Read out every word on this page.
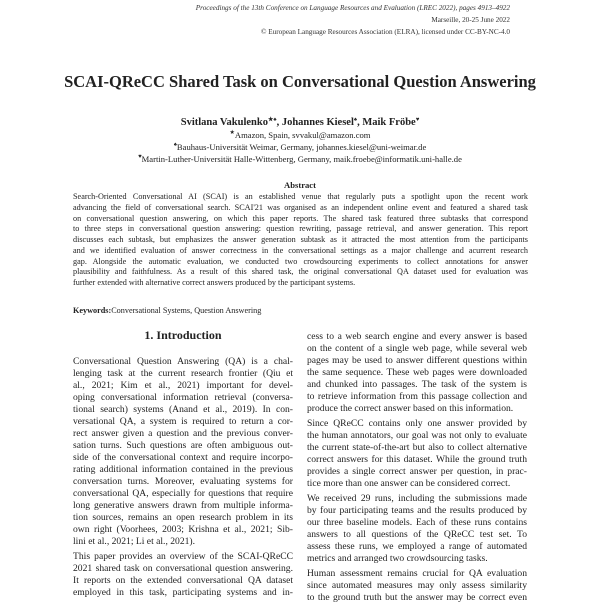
Proceedings of the 13th Conference on Language Resources and Evaluation (LREC 2022), pages 4913–4922
Marseille, 20-25 June 2022
© European Language Resources Association (ELRA), licensed under CC-BY-NC-4.0
SCAI-QReCC Shared Task on Conversational Question Answering
Svitlana Vakulenko★♠, Johannes Kiesel♠, Maik Fröbe♥
★Amazon, Spain, svvakul@amazon.com
♠Bauhaus-Universität Weimar, Germany, johannes.kiesel@uni-weimar.de
♥Martin-Luther-Universität Halle-Wittenberg, Germany, maik.froebe@informatik.uni-halle.de
Abstract
Search-Oriented Conversational AI (SCAI) is an established venue that regularly puts a spotlight upon the recent work
advancing the field of conversational search. SCAI'21 was organised as an independent online event and featured a shared task
on conversational question answering, on which this paper reports. The shared task featured three subtasks that correspond
to three steps in conversational question answering: question rewriting, passage retrieval, and answer generation. This report
discusses each subtask, but emphasizes the answer generation subtask as it attracted the most attention from the participants
and we identified evaluation of answer correctness in the conversational settings as a major challenge and acurrent research
gap. Alongside the automatic evaluation, we conducted two crowdsourcing experiments to collect annotations for answer
plausibility and faithfulness. As a result of this shared task, the original conversational QA dataset used for evaluation was
further extended with alternative correct answers produced by the participant systems.
Keywords:Conversational Systems, Question Answering
1. Introduction
Conversational Question Answering (QA) is a chal-
lenging task at the current research frontier (Qiu et
al., 2021; Kim et al., 2021) important for devel-
oping conversational information retrieval (conversa-
tional search) systems (Anand et al., 2019). In con-
versational QA, a system is required to return a cor-
rect answer given a question and the previous conver-
sation turns. Such questions are often ambiguous out-
side of the conversational context and require incorpo-
rating additional information contained in the previous
conversation turns. Moreover, evaluating systems for
conversational QA, especially for questions that require
long generative answers drawn from multiple informa-
tion sources, remains an open research problem in its
own right (Voorhees, 2003; Krishna et al., 2021; Sib-
lini et al., 2021; Li et al., 2021).
This paper provides an overview of the SCAI-QReCC
2021 shared task on conversational question answering.
It reports on the extended conversational QA dataset
employed in this task, participating systems and in-
cess to a web search engine and every answer is based
on the content of a single web page, while several web
pages may be used to answer different questions within
the same sequence. These web pages were downloaded
and chunked into passages. The task of the system is
to retrieve information from this passage collection and
produce the correct answer based on this information.
Since QReCC contains only one answer provided by
the human annotators, our goal was not only to evaluate
the current state-of-the-art but also to collect alternative
correct answers for this dataset. While the ground truth
provides a single correct answer per question, in prac-
tice more than one answer can be considered correct.
We received 29 runs, including the submissions made
by four participating teams and the results produced by
our three baseline models. Each of these runs contains
answers to all questions of the QReCC test set. To
assess these runs, we employed a range of automated
metrics and arranged two crowdsourcing tasks.
Human assessment remains crucial for QA evaluation
since automated measures may only assess similarity
to the ground truth but the answer may be correct even
